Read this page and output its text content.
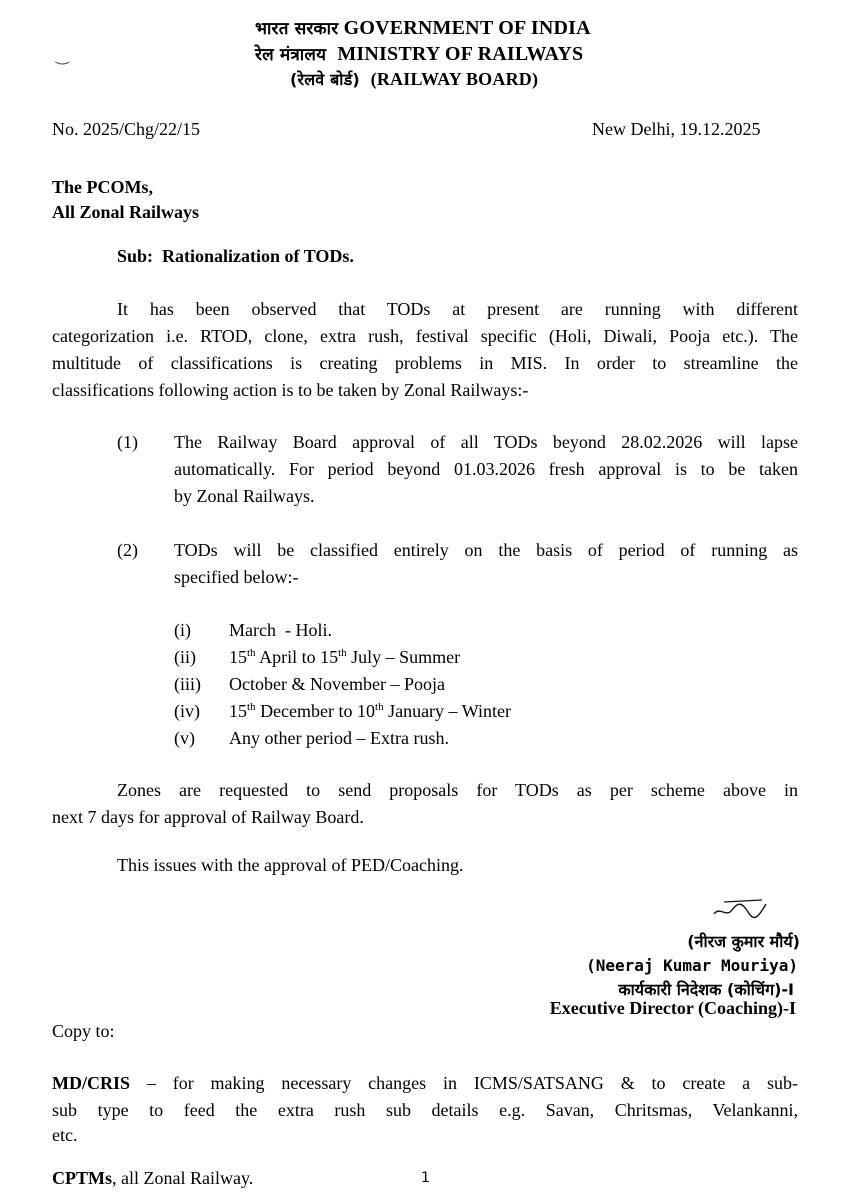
‿
भारत सरकार GOVERNMENT OF INDIA
रेल मंत्रालय MINISTRY OF RAILWAYS
(रेलवे बोर्ड) (RAILWAY BOARD)
No. 2025/Chg/22/15	New Delhi, 19.12.2025
The PCOMs,
All Zonal Railways
Sub:  Rationalization of TODs.
It has been observed that TODs at present are running with different
categorization i.e. RTOD, clone, extra rush, festival specific (Holi, Diwali, Pooja etc.). The
multitude of classifications is creating problems in MIS. In order to streamline the
classifications following action is to be taken by Zonal Railways:-
(1) The Railway Board approval of all TODs beyond 28.02.2026 will lapse
automatically. For period beyond 01.03.2026 fresh approval is to be taken
by Zonal Railways.
(2) TODs will be classified entirely on the basis of period of running as
specified below:-
(i) March  - Holi.
(ii) 15th April to 15th July – Summer
(iii) October & November – Pooja
(iv) 15th December to 10th January – Winter
(v) Any other period – Extra rush.
Zones are requested to send proposals for TODs as per scheme above in
next 7 days for approval of Railway Board.
This issues with the approval of PED/Coaching.
(नीरज कुमार मौर्य)
(Neeraj Kumar Mouriya)
कार्यकारी निदेशक (कोचिंग)-I
Executive Director (Coaching)-I
Copy to:
MD/CRIS – for making necessary changes in ICMS/SATSANG & to create a sub-
sub type to feed the extra rush sub details e.g. Savan, Chritsmas, Velankanni,
etc.
CPTMs, all Zonal Railway.	1
